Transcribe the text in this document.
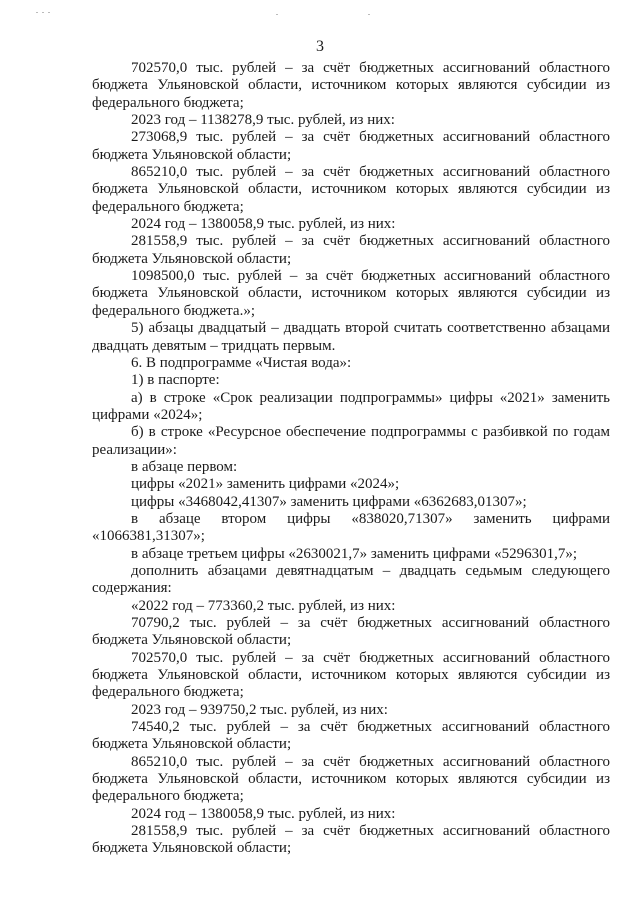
3

702570,0 тыс. рублей – за счёт бюджетных ассигнований областного бюджета Ульяновской области, источником которых являются субсидии из федерального бюджета;

2023 год – 1138278,9 тыс. рублей, из них:

273068,9 тыс. рублей – за счёт бюджетных ассигнований областного бюджета Ульяновской области;

865210,0 тыс. рублей – за счёт бюджетных ассигнований областного бюджета Ульяновской области, источником которых являются субсидии из федерального бюджета;

2024 год – 1380058,9 тыс. рублей, из них:

281558,9 тыс. рублей – за счёт бюджетных ассигнований областного бюджета Ульяновской области;

1098500,0 тыс. рублей – за счёт бюджетных ассигнований областного бюджета Ульяновской области, источником которых являются субсидии из федерального бюджета.»;

5) абзацы двадцатый – двадцать второй считать соответственно абзацами двадцать девятым – тридцать первым.

6. В подпрограмме «Чистая вода»:

1) в паспорте:

а) в строке «Срок реализации подпрограммы» цифры «2021» заменить цифрами «2024»;

б) в строке «Ресурсное обеспечение подпрограммы с разбивкой по годам реализации»:

в абзаце первом:

цифры «2021» заменить цифрами «2024»;

цифры «3468042,41307» заменить цифрами «6362683,01307»;

в абзаце втором цифры «838020,71307» заменить цифрами «1066381,31307»;

в абзаце третьем цифры «2630021,7» заменить цифрами «5296301,7»;

дополнить абзацами девятнадцатым – двадцать седьмым следующего содержания:

«2022 год – 773360,2 тыс. рублей, из них:

70790,2 тыс. рублей – за счёт бюджетных ассигнований областного бюджета Ульяновской области;

702570,0 тыс. рублей – за счёт бюджетных ассигнований областного бюджета Ульяновской области, источником которых являются субсидии из федерального бюджета;

2023 год – 939750,2 тыс. рублей, из них:

74540,2 тыс. рублей – за счёт бюджетных ассигнований областного бюджета Ульяновской области;

865210,0 тыс. рублей – за счёт бюджетных ассигнований областного бюджета Ульяновской области, источником которых являются субсидии из федерального бюджета;

2024 год – 1380058,9 тыс. рублей, из них:

281558,9 тыс. рублей – за счёт бюджетных ассигнований областного бюджета Ульяновской области;
